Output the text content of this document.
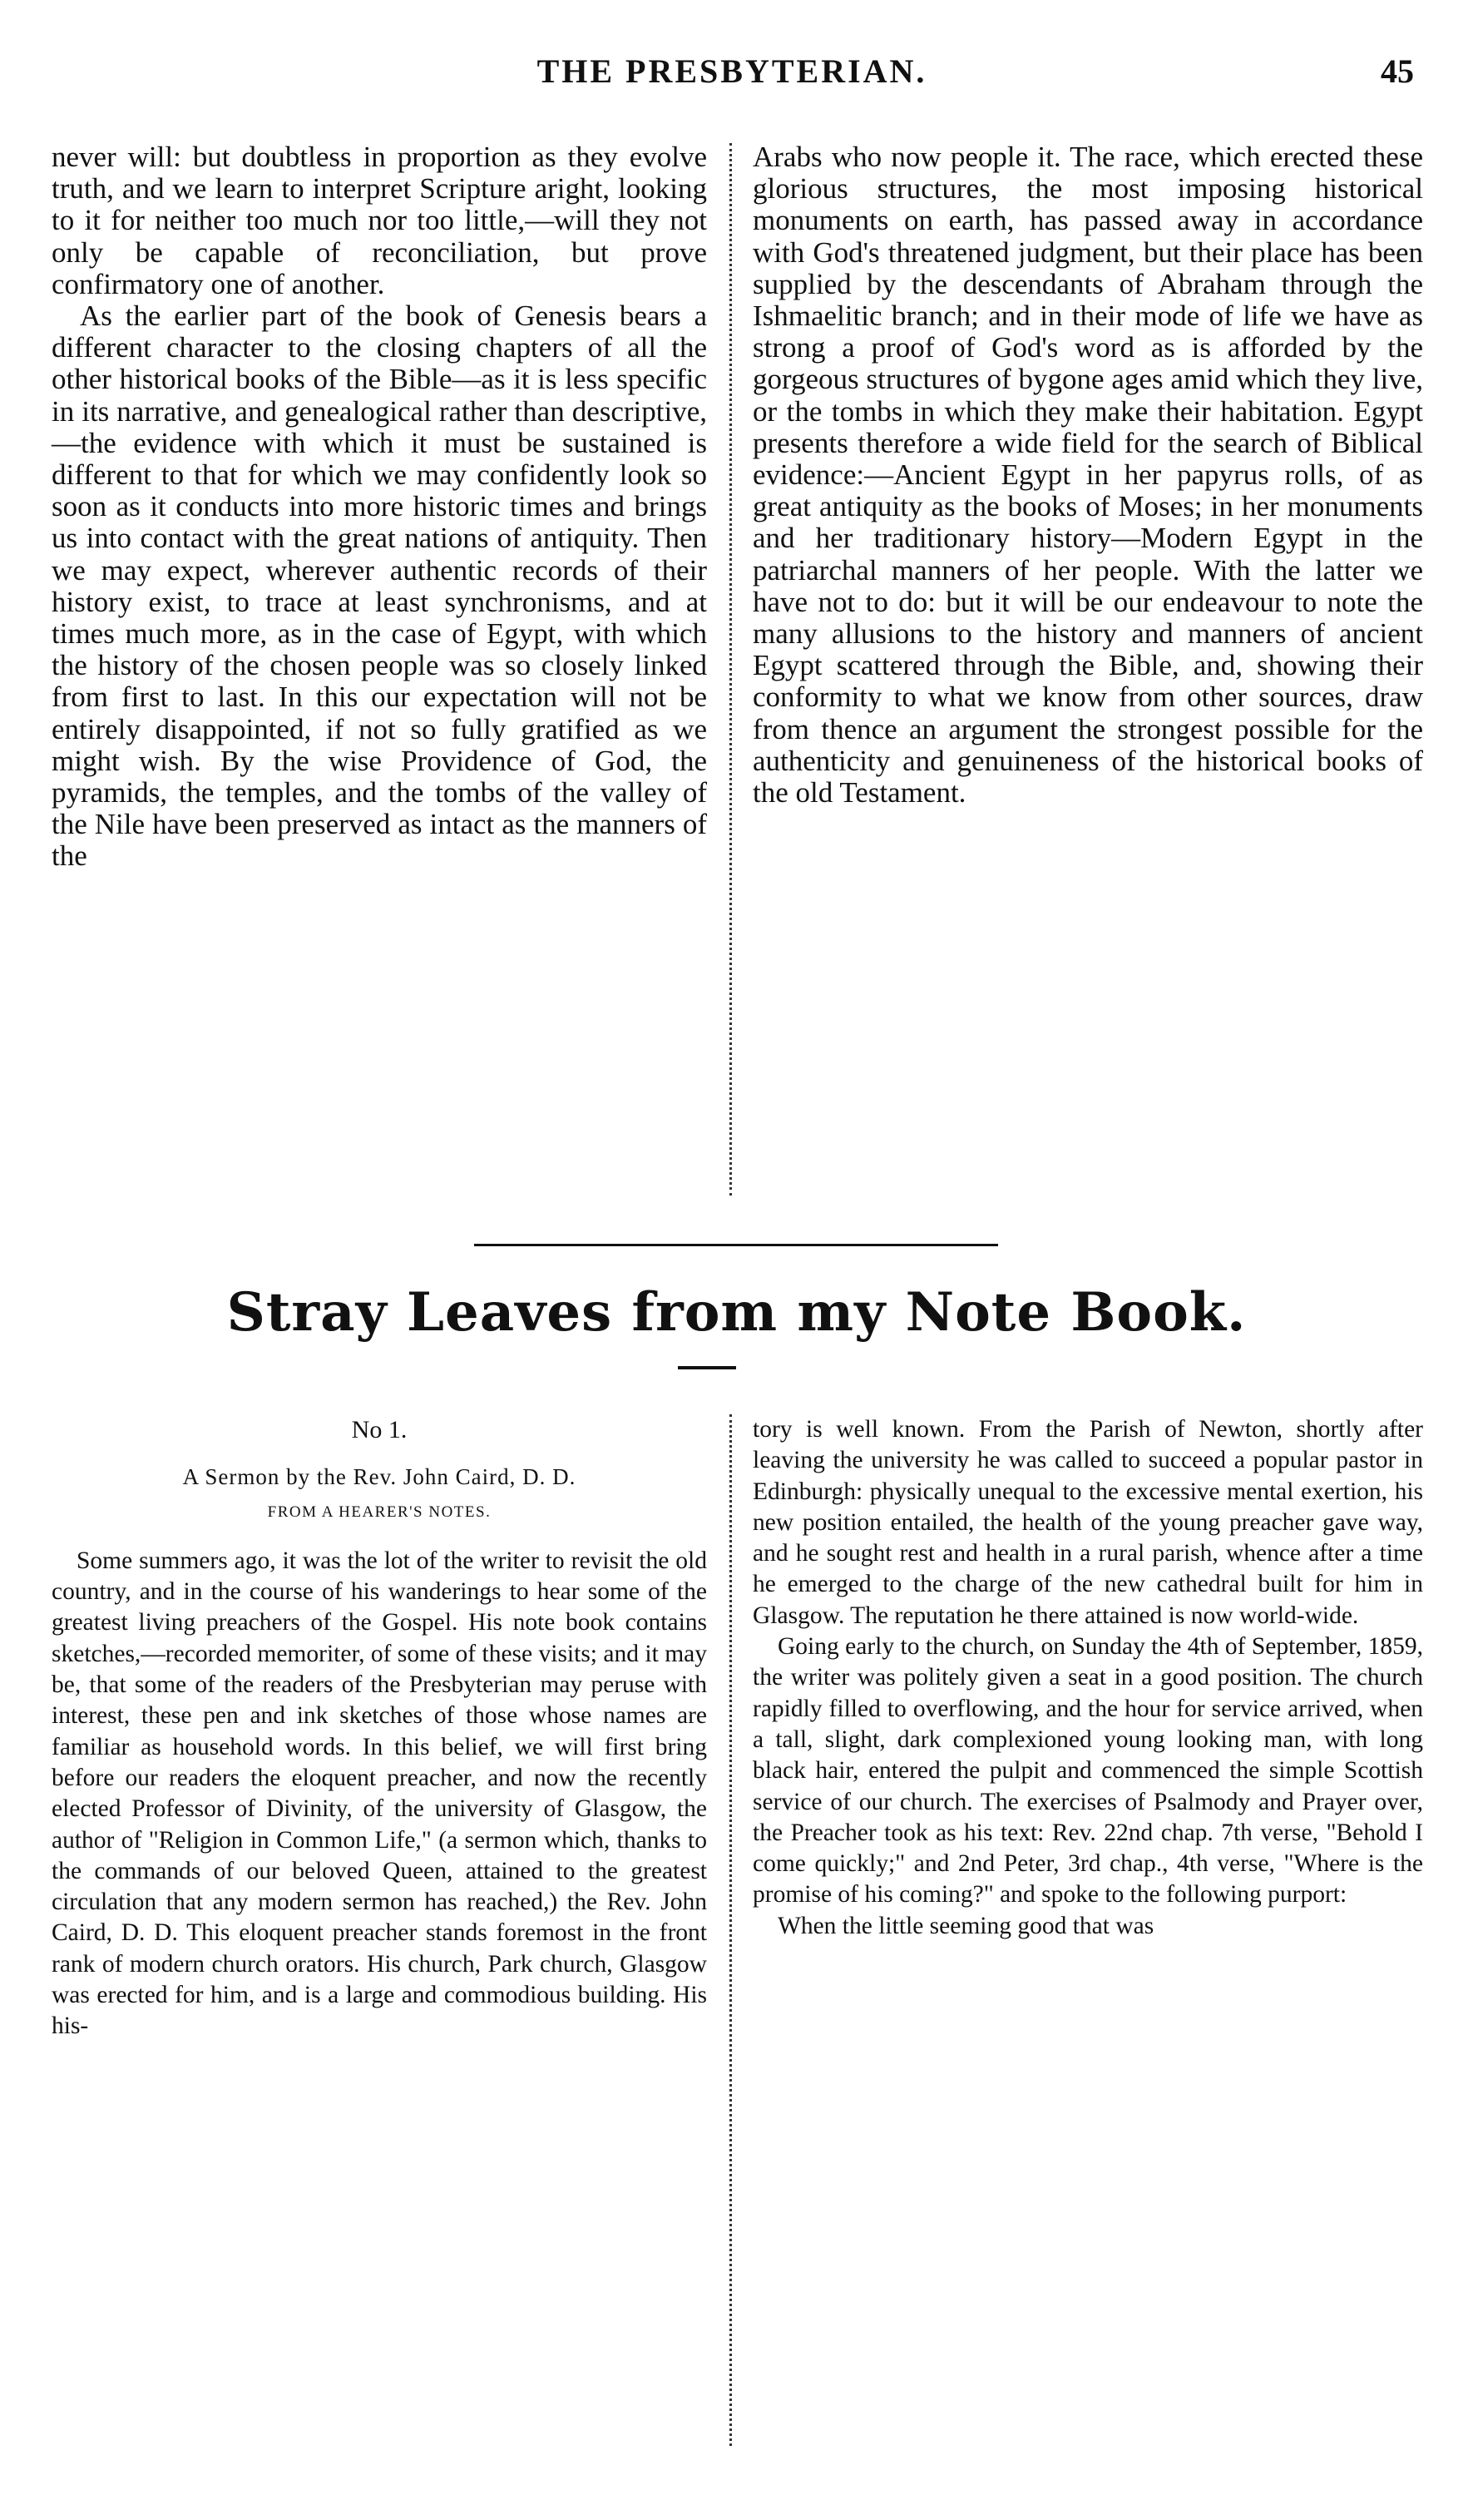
THE PRESBYTERIAN.	45

never will: but doubtless in proportion as they evolve truth, and we learn to interpret Scripture aright, looking to it for neither too much nor too little,—will they not only be capable of reconciliation, but prove confirmatory one of another.

As the earlier part of the book of Genesis bears a different character to the closing chapters of all the other historical books of the Bible—as it is less specific in its narrative, and genealogical rather than descriptive,—the evidence with which it must be sustained is different to that for which we may confidently look so soon as it conducts into more historic times and brings us into contact with the great nations of antiquity. Then we may expect, wherever authentic records of their history exist, to trace at least synchronisms, and at times much more, as in the case of Egypt, with which the history of the chosen people was so closely linked from first to last. In this our expectation will not be entirely disappointed, if not so fully gratified as we might wish. By the wise Providence of God, the pyramids, the temples, and the tombs of the valley of the Nile have been preserved as intact as the manners of the

Arabs who now people it. The race, which erected these glorious structures, the most imposing historical monuments on earth, has passed away in accordance with God's threatened judgment, but their place has been supplied by the descendants of Abraham through the Ishmaelitic branch; and in their mode of life we have as strong a proof of God's word as is afforded by the gorgeous structures of bygone ages amid which they live, or the tombs in which they make their habitation. Egypt presents therefore a wide field for the search of Biblical evidence:—Ancient Egypt in her papyrus rolls, of as great antiquity as the books of Moses; in her monuments and her traditionary history—Modern Egypt in the patriarchal manners of her people. With the latter we have not to do: but it will be our endeavour to note the many allusions to the history and manners of ancient Egypt scattered through the Bible, and, showing their conformity to what we know from other sources, draw from thence an argument the strongest possible for the authenticity and genuineness of the historical books of the old Testament.

Stray Leaves from my Note Book.
No 1.
A Sermon by the Rev. John Caird, D. D.
FROM A HEARER'S NOTES.

Some summers ago, it was the lot of the writer to revisit the old country, and in the course of his wanderings to hear some of the greatest living preachers of the Gospel. His note book contains sketches,—recorded memoriter, of some of these visits; and it may be, that some of the readers of the Presbyterian may peruse with interest, these pen and ink sketches of those whose names are familiar as household words. In this belief, we will first bring before our readers the eloquent preacher, and now the recently elected Professor of Divinity, of the university of Glasgow, the author of "Religion in Common Life," (a sermon which, thanks to the commands of our beloved Queen, attained to the greatest circulation that any modern sermon has reached,) the Rev. John Caird, D. D. This eloquent preacher stands foremost in the front rank of modern church orators. His church, Park church, Glasgow was erected for him, and is a large and commodious building. His his-

tory is well known. From the Parish of Newton, shortly after leaving the university he was called to succeed a popular pastor in Edinburgh: physically unequal to the excessive mental exertion, his new position entailed, the health of the young preacher gave way, and he sought rest and health in a rural parish, whence after a time he emerged to the charge of the new cathedral built for him in Glasgow. The reputation he there attained is now world-wide.

Going early to the church, on Sunday the 4th of September, 1859, the writer was politely given a seat in a good position. The church rapidly filled to overflowing, and the hour for service arrived, when a tall, slight, dark complexioned young looking man, with long black hair, entered the pulpit and commenced the simple Scottish service of our church. The exercises of Psalmody and Prayer over, the Preacher took as his text: Rev. 22nd chap. 7th verse, "Behold I come quickly;" and 2nd Peter, 3rd chap., 4th verse, "Where is the promise of his coming?" and spoke to the following purport:

When the little seeming good that was
